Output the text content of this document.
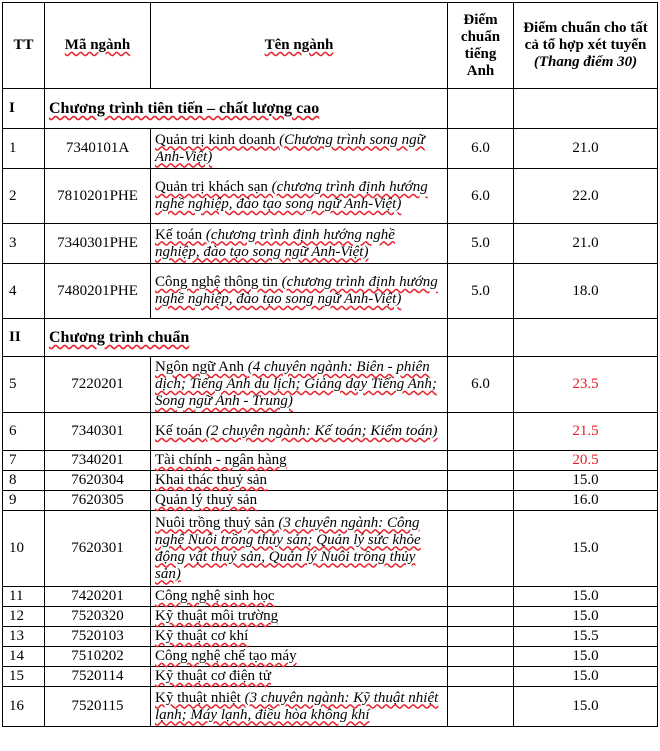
TT	Mã ngành	Tên ngành	Điểm chuẩn tiếng Anh	Điểm chuẩn cho tất cả tổ hợp xét tuyển
(Thang điểm 30)
I	Chương trình tiên tiến – chất lượng cao			
1	7340101A	Quản trị kinh doanh (Chương trình song ngữ Anh-Việt)	6.0	21.0
2	7810201PHE	Quản trị khách sạn (chương trình định hướng nghề nghiệp, đào tạo song ngữ Anh-Việt)	6.0	22.0
3	7340301PHE	Kế toán (chương trình định hướng nghề nghiệp, đào tạo song ngữ Anh-Việt)	5.0	21.0
4	7480201PHE	Công nghệ thông tin (chương trình định hướng nghề nghiệp, đào tạo song ngữ Anh-Việt)	5.0	18.0
II	Chương trình chuẩn			
5	7220201	Ngôn ngữ Anh (4 chuyên ngành: Biên - phiên dịch; Tiếng Anh du lịch; Giảng dạy Tiếng Anh; Song ngữ Anh - Trung)	6.0	23.5
6	7340301	Kế toán (2 chuyên ngành: Kế toán; Kiểm toán)		21.5
7	7340201	Tài chính - ngân hàng		20.5
8	7620304	Khai thác thuỷ sản		15.0
9	7620305	Quản lý thuỷ sản		16.0
10	7620301	Nuôi trồng thuỷ sản (3 chuyên ngành: Công nghệ Nuôi trồng thủy sản; Quản lý sức khỏe động vật thuỷ sản, Quản lý Nuôi trồng thủy sản)		15.0
11	7420201	Công nghệ sinh học		15.0
12	7520320	Kỹ thuật môi trường		15.0
13	7520103	Kỹ thuật cơ khí		15.5
14	7510202	Công nghệ chế tạo máy		15.0
15	7520114	Kỹ thuật cơ điện tử		15.0
16	7520115	Kỹ thuật nhiệt (3 chuyên ngành: Kỹ thuật nhiệt lạnh; Máy lạnh, điều hòa không khí		15.0
